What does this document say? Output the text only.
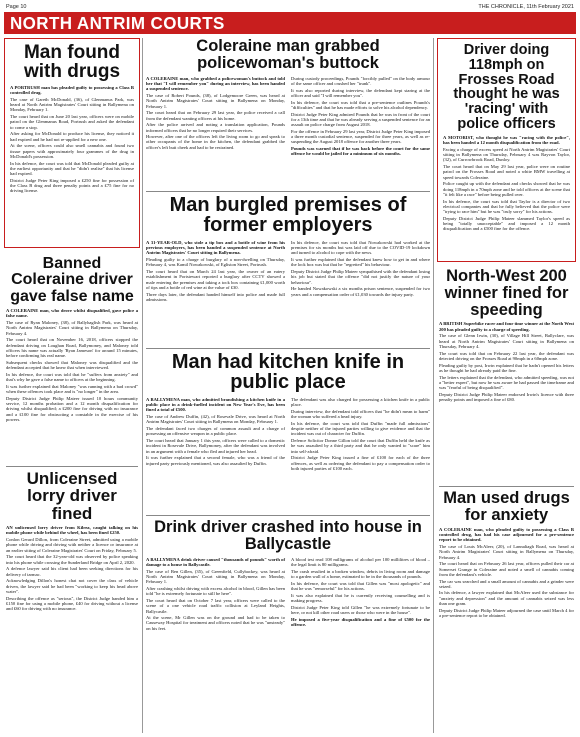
Page 10	THE CHRONICLE, 11th February 2021
NORTH ANTRIM COURTS
Man found with drugs

A PORTRUSH man has pleaded guilty to possessing a Class B controlled drug.

The case of Gareth McDonald, (36), of Glenmanus Park, was heard at North Antrim Magistrates' Court sitting in Ballymena on Monday, February 1.

The court heard that on June 20 last year, officers were on mobile patrol on the Glenmanus Road, Portrush and asked the defendant to come a stop.

After asking for McDonald to produce his license, they noticed it had expired and he had not re-applied for a new one.

At the scene, officers could also smell cannabis and found two tissue papers with approximately four grammes of the drug in McDonald's possession.

In his defence, the court was told that McDonald pleaded guilty at the earliest opportunity and that he "didn't realise" that his license had expired.

District Judge Peter King imposed a £250 fine for possession of the Class B drug and three penalty points and a £75 fine for no driving license.

Banned Coleraine driver gave false name

A COLERAINE man, who drove whilst disqualified, gave police a false name.

The case of Ryan Maloney, (38), of Ballyhaglish Park, was heard at North Antrim Magistrates' Court sitting in Ballymena on Thursday, February 4.

The court heard that on November 16, 2018, officers stopped the defendant driving on Loughan Road, Ballymoney, and Maloney told officers his name was actually 'Ryan Jameson' for around 15 minutes, before confirming his real name.

Subsequent checks showed that Maloney was disqualified and the defendant accepted that he knew that when interviewed.

In his defence, the court was told that he "suffers from anxiety" and that's why he gave a false name to officers at the beginning.

It was further explained that Maloney "was running with a bad crowd" when these offences took place and is "no longer" in the area.

Deputy District Judge Philip Mateer issued 10 hours community service, 12 months probation and a 12 month disqualification for driving whilst disqualified; a £200 fine for driving with no insurance and a £100 fine for obstructing a constable in the exercise of his powers.

Unlicensed lorry driver fined

AN unlicensed lorry driver from Kilrea, caught talking on his mobile phone while behind the wheel, has been fined £250.

Conlon Gerard Dillon, from Coleraine Street, admitted using a mobile phone while driving and driving with neither a licence or insurance at an earlier sitting of Coleraine Magistrates' Court on Friday, February 5.

The court heard that the 32-year-old was observed by police speaking into his phone while crossing the Sunderland Bridge on April 2, 2020.

A defence lawyer said his client had been seeking directions for his delivery of tarmac.

Acknowledging Dillon's honest chat not cover the class of vehicle driven, the lawyer said he had been "working to keep his head above water".

Describing the offence as "serious", the District Judge handed him a £150 fine for using a mobile phone, £40 for driving without a license and £60 for driving with no insurance.

Coleraine man grabbed policewoman's buttock

A COLERAINE man, who grabbed a policewoman's buttock and told her that "I will remember you" during an interview, has been handed a suspended sentence.

The case of Robert Pounds, (38), of Lodgemoore Green, was heard at North Antrim Magistrates' Court sitting in Ballymena on Monday, February 1.

The court heard that on February 29 last year, the police received a call from the defendant wanting officers at his home.

After the police arrived and noting a translation application, Pounds informed officers that he no longer required their services.

However, after one of the officers left the living room to go and speak to other occupants of the home in the kitchen, the defendant grabbed the officer's left butt cheek and had to be restrained.

During custody proceedings, Pounds "forcibly pulled" on the body armour of the same officer and crushed her "trunk".

It was also reported during interview, the defendant kept staring at the officer and said "I will remember you".

In his defence, the court was told that a pre-sentence outlines Pounds's "difficulties" and that he has made efforts to solve his alcohol dependency.

District Judge Peter King admired Pounds that he was in front of the court for a 13th time and that he was already serving a suspended sentence for an assault on police charge from August 2018.

For the offence in February 29 last year, District Judge Peter King imposed a three month custodial sentence, suspended for three years, as well as re-suspending the August 2018 offence for another three years.

Pounds was warned that if he was back before the court for the same offence he would be jailed for a minimum of six months.

Man burgled premises of former employers

A 31-YEAR-OLD, who stole a tip box and a bottle of wine from his previous employers, has been handed a suspended sentence at North Antrim Magistrates' Court sitting in Ballymena.

Pleading guilty to a charge of burglary of a non-dwelling on Thursday, February 4, was Kamil Nowakowski, of Egliston Street, Portrush.

The court heard that on March 24 last year, the owner of an eatery establishment in Portstewart reported a burglary after CCTV showed a male entering the premises and taking a tock box containing £1,000 worth of tips and a bottle of red wine at the value of £30.

Three days later, the defendant handed himself into police and made full admissions.

In his defence, the court was told that Nowakowski had worked at the premises for six months but was laid off due to the COVID-19 lockdown and turned to alcohol to cope with the news.

It was further explained that the defendant knew how to get in and where the lock box was but that he "regretted" his behaviour.

Deputy District Judge Philip Mateer sympathised with the defendant losing his job but stated that the offence "did not justify the nature of your behaviour".

He handed Nowakowski a six months prison sentence, suspended for two years and a compensation order of £1,030 towards the injury party.

Man had kitchen knife in public place

A BALLYMENA man, who admitted brandishing a kitchen knife in a public place in a drink-fuelled incident on New Year's Eve, has been fined a total of £500.

The case of Andrew Duffin, (42), of Rosevale Drive, was heard at North Antrim Magistrates' Court sitting in Ballymena on Monday, February 1.

The defendant faced two charges of common assault and a charge of possessing an offensive weapon in a public place.

The court heard that January 1 this year, officers were called to a domestic incident in Rosevale Drive, Ballymoney, after the defendant was involved in an argument with a female who fled and injured her head.

It was further explained that a second female, who was a friend of the injured party previously mentioned, was also assaulted by Duffin.

The defendant was also charged for possessing a kitchen knife in a public place.

During interview, the defendant told officers that "he didn't mean to harm" the woman who suffered a head injury.

In his defence, the court was told that Duffin "made full admissions" despite neither of the injured parties willing to give evidence and that the incident was out of character for Duffin.

Defence Solicitor Donne Gillon told the court that Duffin held the knife as he was assaulted by a third party and that he only wanted to "scare" him into self-afraid.

District Judge Peter King issued a fine of £100 for each of the three offences, as well as ordering the defendant to pay a compensation order to both injured parties of £100 each.

Drink driver crashed into house in Ballycastle

A BALLYMENA drink driver caused "thousands of pounds" worth of damage to a house in Ballycastle.

The case of Ben Gillen, (35), of Greenfield, Cullybackey, was heard at North Antrim Magistrates' Court sitting in Ballymena on Monday, February 1.

After crashing whilst driving with excess alcohol in blood, Gillen has been told "he is extremely fortunate to still be here".

The court heard that on October 7 last year, officers were called to the scene of a one vehicle road traffic collision at Leyland Heights, Ballycastle.

At the scene, Mr Gillen was on the ground and had to be taken to Causeway Hospital for treatment and officers noted that he was "unsteady" on his feet.

A blood test read 108 milligrams of alcohol per 100 millilitres of blood – the legal limit is 80 milligrams.

The crash resulted in a broken window, debris in living room and damage to a garden wall of a home, estimated to be in the thousands of pounds.

In his defence, the court was told that Gillen was "most apologetic" and that he was "remorseful" for his actions.

It was also explained that he is currently receiving counselling and is making progress.

District Judge Peter King told Gillen "he was extremely fortunate to be here, or not kill other road users or those who were in the house".

He imposed a five-year disqualification and a fine of £500 for the offence.

Driver doing 118mph on Frosses Road thought he was 'racing' with police officers

A MOTORIST, who thought he was "racing with the police", has been handed a 12 month disqualification from the road.

Facing a charge of excess speed at North Antrim Magistrates' Court sitting in Ballymena on Thursday, February 4 was Rayvon Taylor, (32), of Currowbrook Road, Dunloy.

The court heard that on May 29 last year, police were on routine patrol on the Frosses Road and noted a white BMW travelling at speed towards Coleraine.

Police caught up with the defendant and checks showed that he was doing 118mph in a 70mph zone and he told officers at the scene that "it felt like a race" before being pulled over.

In his defence, the court was told that Taylor is a director of two electrical companies and that he fully believed that the police were "trying to race him" but he was "truly sorry" for his actions.

Deputy District Judge Philip Mateer slammed Taylor's speed as being "totally unacceptable" and imposed a 12 month disqualification and a £500 fine for the offence.

North-West 200 winner fined for speeding

A BRITISH Superbike racer and four time winner at the North West 200 has pleaded guilty to a charge of speeding.

The case of Glenn Irwin, (30), of Village Hill Street, Ballyclare, was heard at North Antrim Magistrates' Court sitting in Ballymena on Thursday, February 4.

The court was told that on February 22 last year, the defendant was detected driving on the Frosses Road at 90mph in a 60mph zone.

Pleading guilty by post, Irwin explained that he hadn't opened his letters as he thought he had already paid the fine.

The letters explained that the defendant, who admitted speeding, was not a "better expert", but now he was aware he had passed the timeframe and was "fearful of being disqualified".

Deputy District Judge Philip Mateer endorsed Irwin's licence with three penalty points and imposed a fine of £80.

Man used drugs for anxiety

A COLERAINE man, who pleaded guilty to possessing a Class B controlled drug, has had his case adjourned for a pre-sentence report to be obtained.

The case of Louis McAleer, (20), of Lannaliagh Road, was heard at North Antrim Magistrates' Court sitting in Ballymena on Thursday, February 4.

The court heard that on February 26 last year, officers pulled their car at Somerset Grange in Coleraine and noted a smell of cannabis coming from the defendant's vehicle.

The car was searched and a small amount of cannabis and a grinder were seized.

In his defence, a lawyer explained that McAleer used the substance for "anxiety and depression" and the amount of cannabis seized was less than one gram.

Deputy District Judge Philip Mateer adjourned the case until March 4 for a pre-sentence report to be obtained.
